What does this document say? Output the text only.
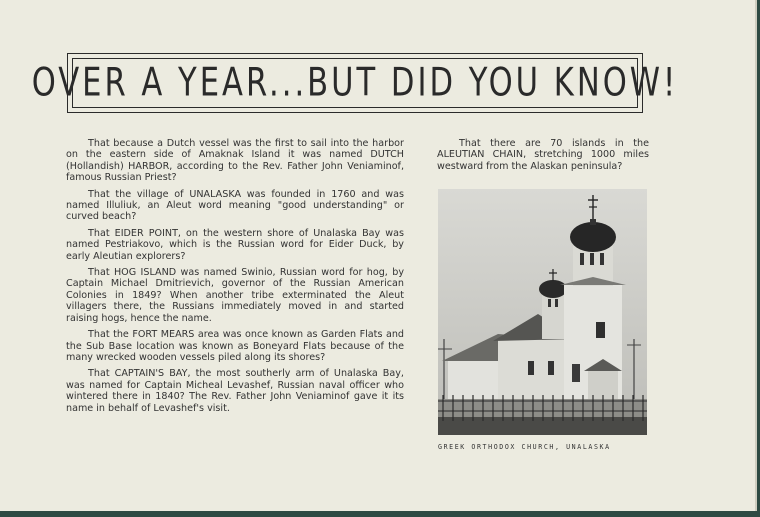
OVER A YEAR...BUT DID YOU KNOW!

That because a Dutch vessel was the first to sail into the harbor on the eastern side of Amaknak Island it was named DUTCH (Hollandish) HARBOR, according to the Rev. Father John Veniaminof, famous Russian Priest?

That the village of UNALASKA was founded in 1760 and was named Illuliuk, an Aleut word meaning "good understanding" or curved beach?

That EIDER POINT, on the western shore of Unalaska Bay was named Pestriakovo, which is the Russian word for Eider Duck, by early Aleutian explorers?

That HOG ISLAND was named Swinio, Russian word for hog, by Captain Michael Dmitrievich, governor of the Russian American Colonies in 1849? When another tribe exterminated the Aleut villagers there, the Russians immediately moved in and started raising hogs, hence the name.

That the FORT MEARS area was once known as Garden Flats and the Sub Base location was known as Boneyard Flats because of the many wrecked wooden vessels piled along its shores?

That CAPTAIN'S BAY, the most southerly arm of Unalaska Bay, was named for Captain Micheal Levashef, Russian naval officer who wintered there in 1840? The Rev. Father John Veniaminof gave it its name in behalf of Levashef's visit.

That there are 70 islands in the ALEUTIAN CHAIN, stretching 1000 miles westward from the Alaskan peninsula?

GREEK ORTHODOX CHURCH, UNALASKA
